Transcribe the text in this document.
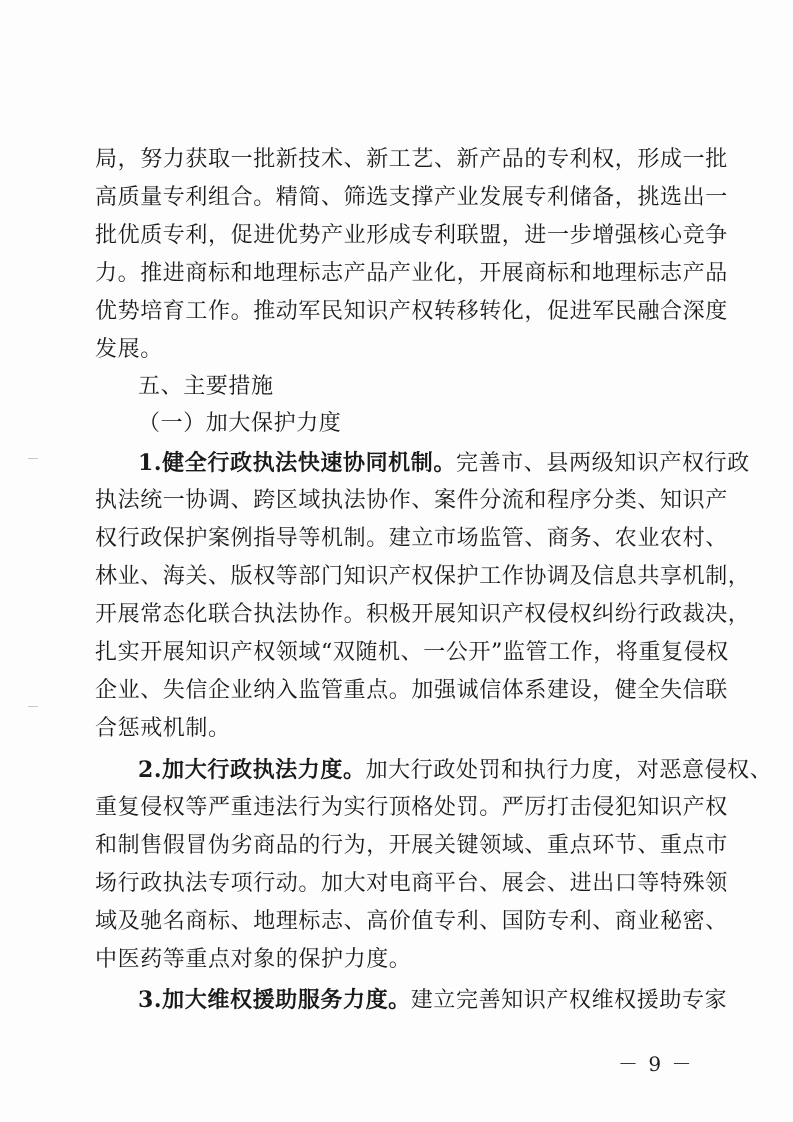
局，努力获取一批新技术、新工艺、新产品的专利权，形成一批
高质量专利组合。精简、筛选支撑产业发展专利储备，挑选出一
批优质专利，促进优势产业形成专利联盟，进一步增强核心竞争
力。推进商标和地理标志产品产业化，开展商标和地理标志产品
优势培育工作。推动军民知识产权转移转化，促进军民融合深度
发展。
五、主要措施
（一）加大保护力度
1.健全行政执法快速协同机制。完善市、县两级知识产权行政
执法统一协调、跨区域执法协作、案件分流和程序分类、知识产
权行政保护案例指导等机制。建立市场监管、商务、农业农村、
林业、海关、版权等部门知识产权保护工作协调及信息共享机制，
开展常态化联合执法协作。积极开展知识产权侵权纠纷行政裁决，
扎实开展知识产权领域“双随机、一公开”监管工作，将重复侵权
企业、失信企业纳入监管重点。加强诚信体系建设，健全失信联
合惩戒机制。
2.加大行政执法力度。加大行政处罚和执行力度，对恶意侵权、
重复侵权等严重违法行为实行顶格处罚。严厉打击侵犯知识产权
和制售假冒伪劣商品的行为，开展关键领域、重点环节、重点市
场行政执法专项行动。加大对电商平台、展会、进出口等特殊领
域及驰名商标、地理标志、高价值专利、国防专利、商业秘密、
中医药等重点对象的保护力度。
3.加大维权援助服务力度。建立完善知识产权维权援助专家
－ 9 －
